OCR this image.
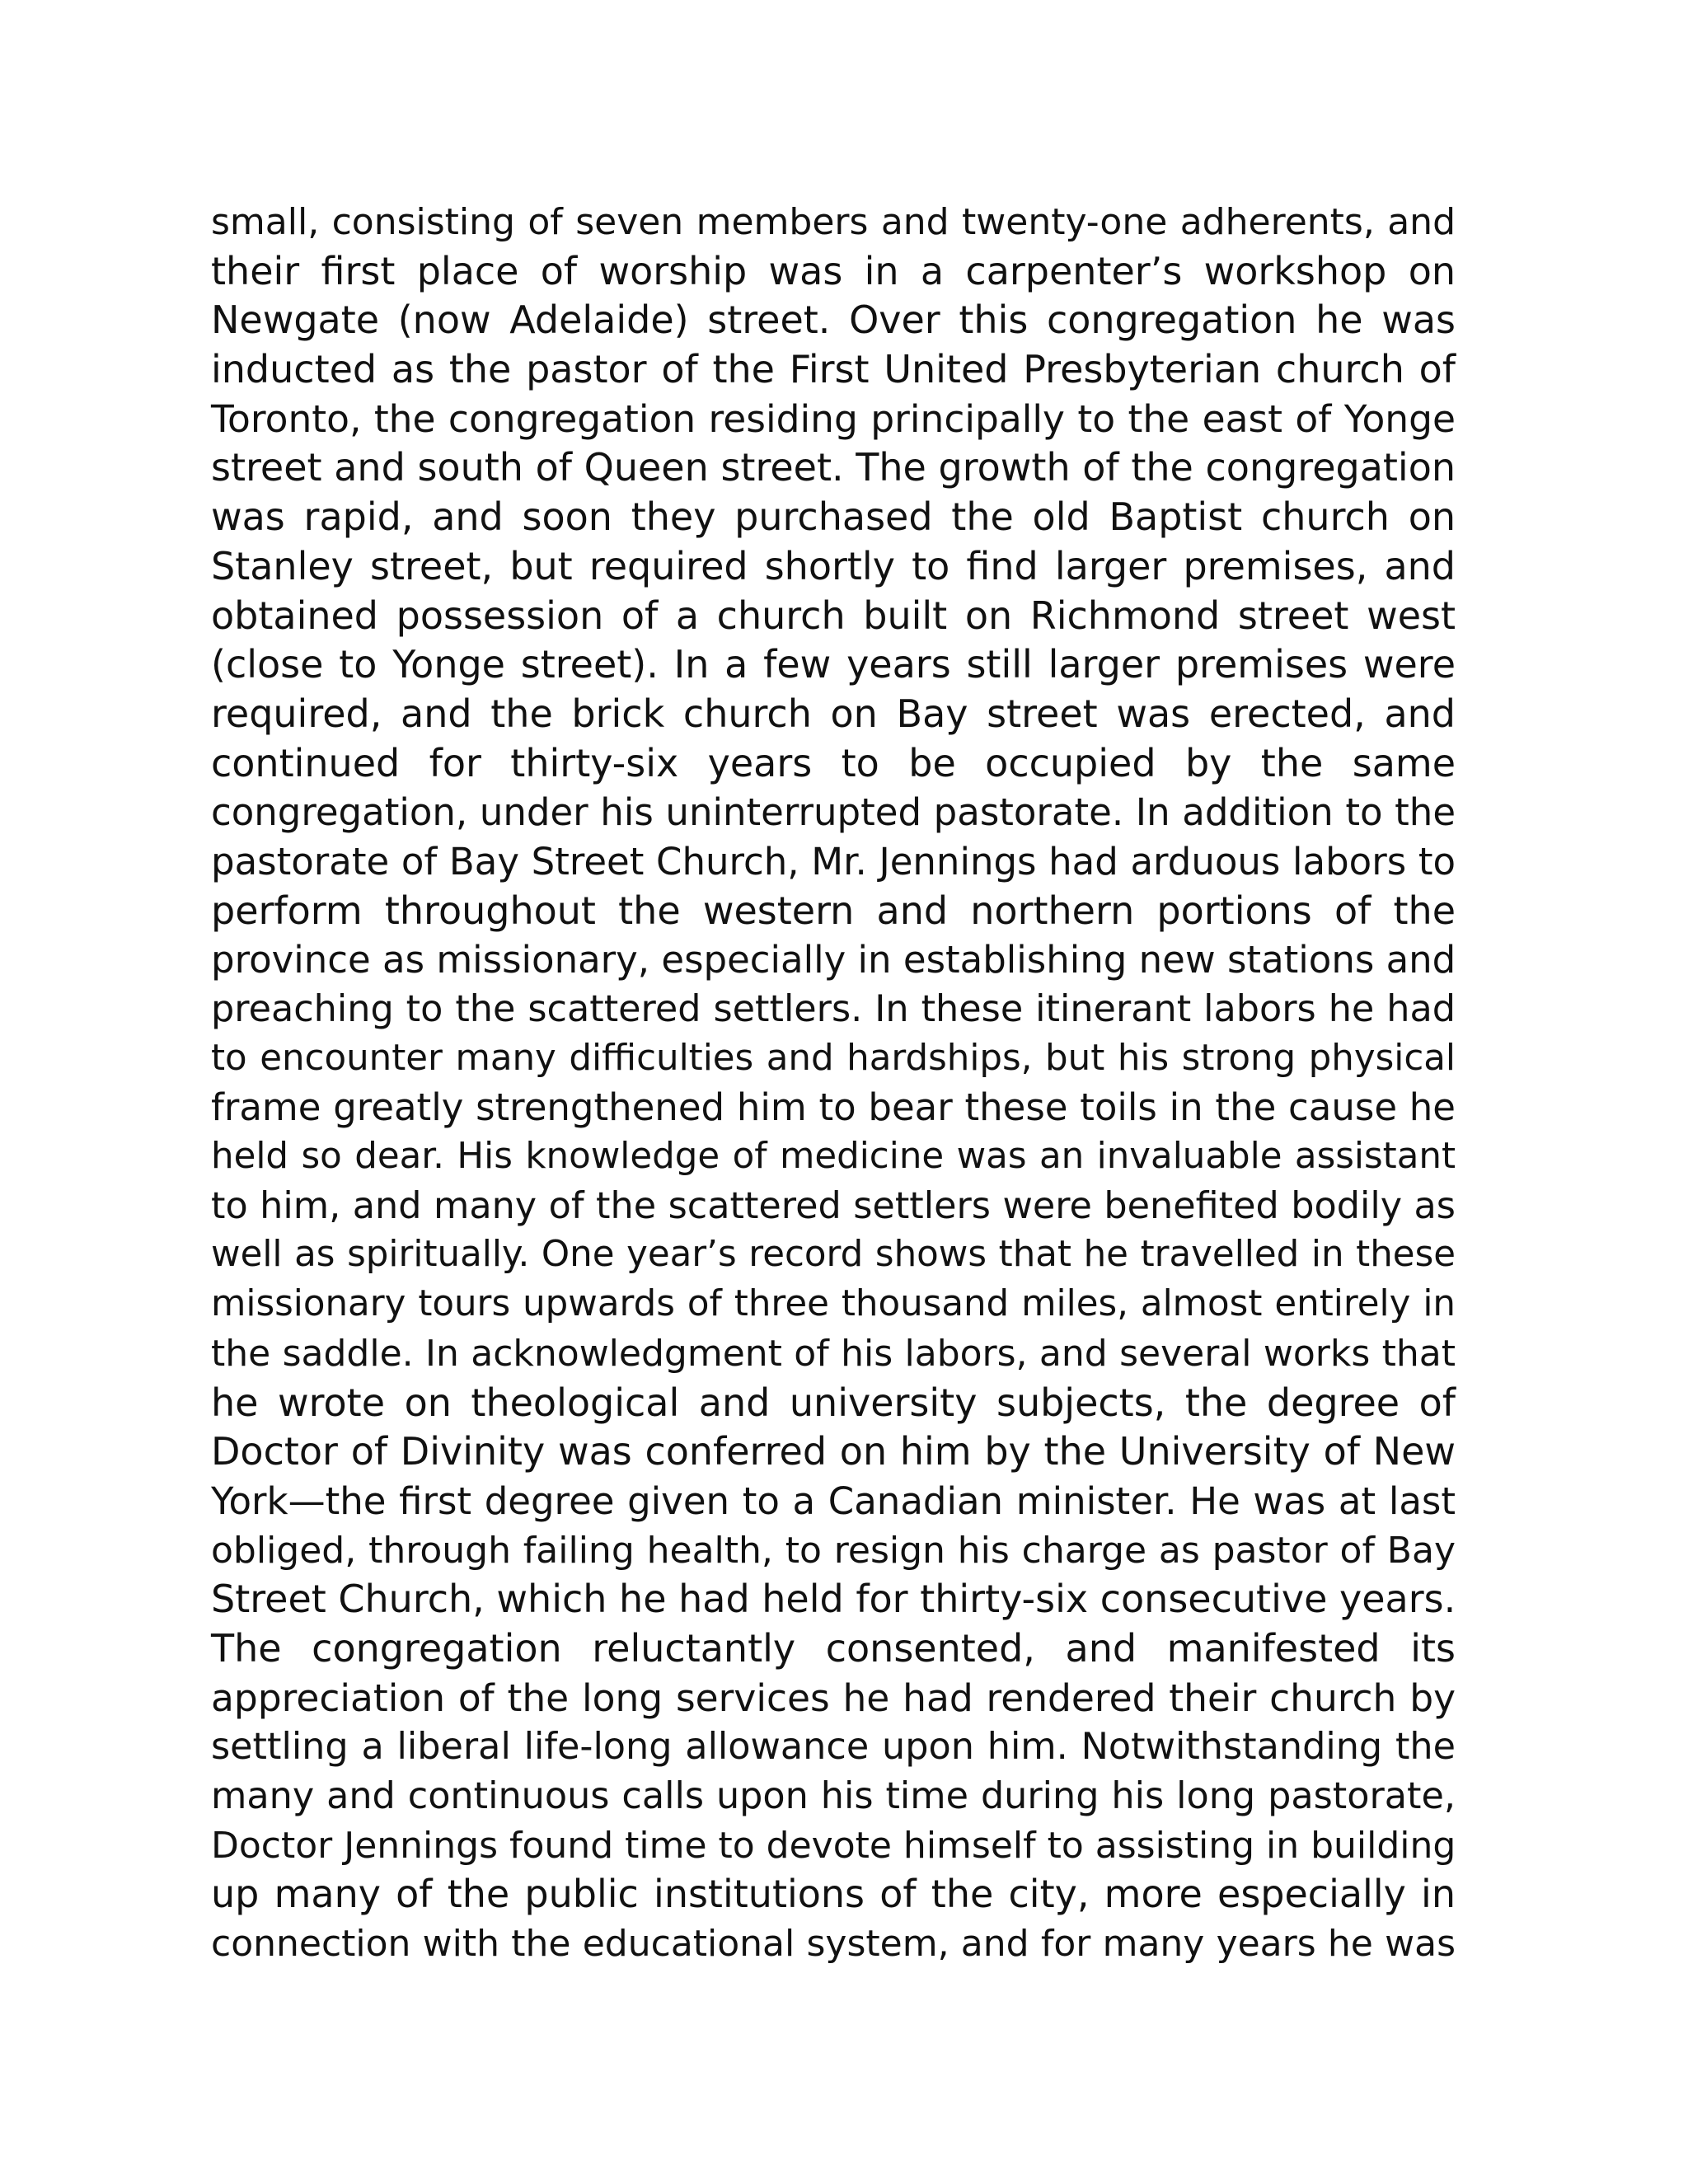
small, consisting of seven members and twenty-one adherents, and
their first place of worship was in a carpenter’s workshop on
Newgate (now Adelaide) street. Over this congregation he was
inducted as the pastor of the First United Presbyterian church of
Toronto, the congregation residing principally to the east of Yonge
street and south of Queen street. The growth of the congregation
was rapid, and soon they purchased the old Baptist church on
Stanley street, but required shortly to find larger premises, and
obtained possession of a church built on Richmond street west
(close to Yonge street). In a few years still larger premises were
required, and the brick church on Bay street was erected, and
continued for thirty-six years to be occupied by the same
congregation, under his uninterrupted pastorate. In addition to the
pastorate of Bay Street Church, Mr. Jennings had arduous labors to
perform throughout the western and northern portions of the
province as missionary, especially in establishing new stations and
preaching to the scattered settlers. In these itinerant labors he had
to encounter many difficulties and hardships, but his strong physical
frame greatly strengthened him to bear these toils in the cause he
held so dear. His knowledge of medicine was an invaluable assistant
to him, and many of the scattered settlers were benefited bodily as
well as spiritually. One year’s record shows that he travelled in these
missionary tours upwards of three thousand miles, almost entirely in
the saddle. In acknowledgment of his labors, and several works that
he wrote on theological and university subjects, the degree of
Doctor of Divinity was conferred on him by the University of New
York—the first degree given to a Canadian minister. He was at last
obliged, through failing health, to resign his charge as pastor of Bay
Street Church, which he had held for thirty-six consecutive years.
The congregation reluctantly consented, and manifested its
appreciation of the long services he had rendered their church by
settling a liberal life-long allowance upon him. Notwithstanding the
many and continuous calls upon his time during his long pastorate,
Doctor Jennings found time to devote himself to assisting in building
up many of the public institutions of the city, more especially in
connection with the educational system, and for many years he was
